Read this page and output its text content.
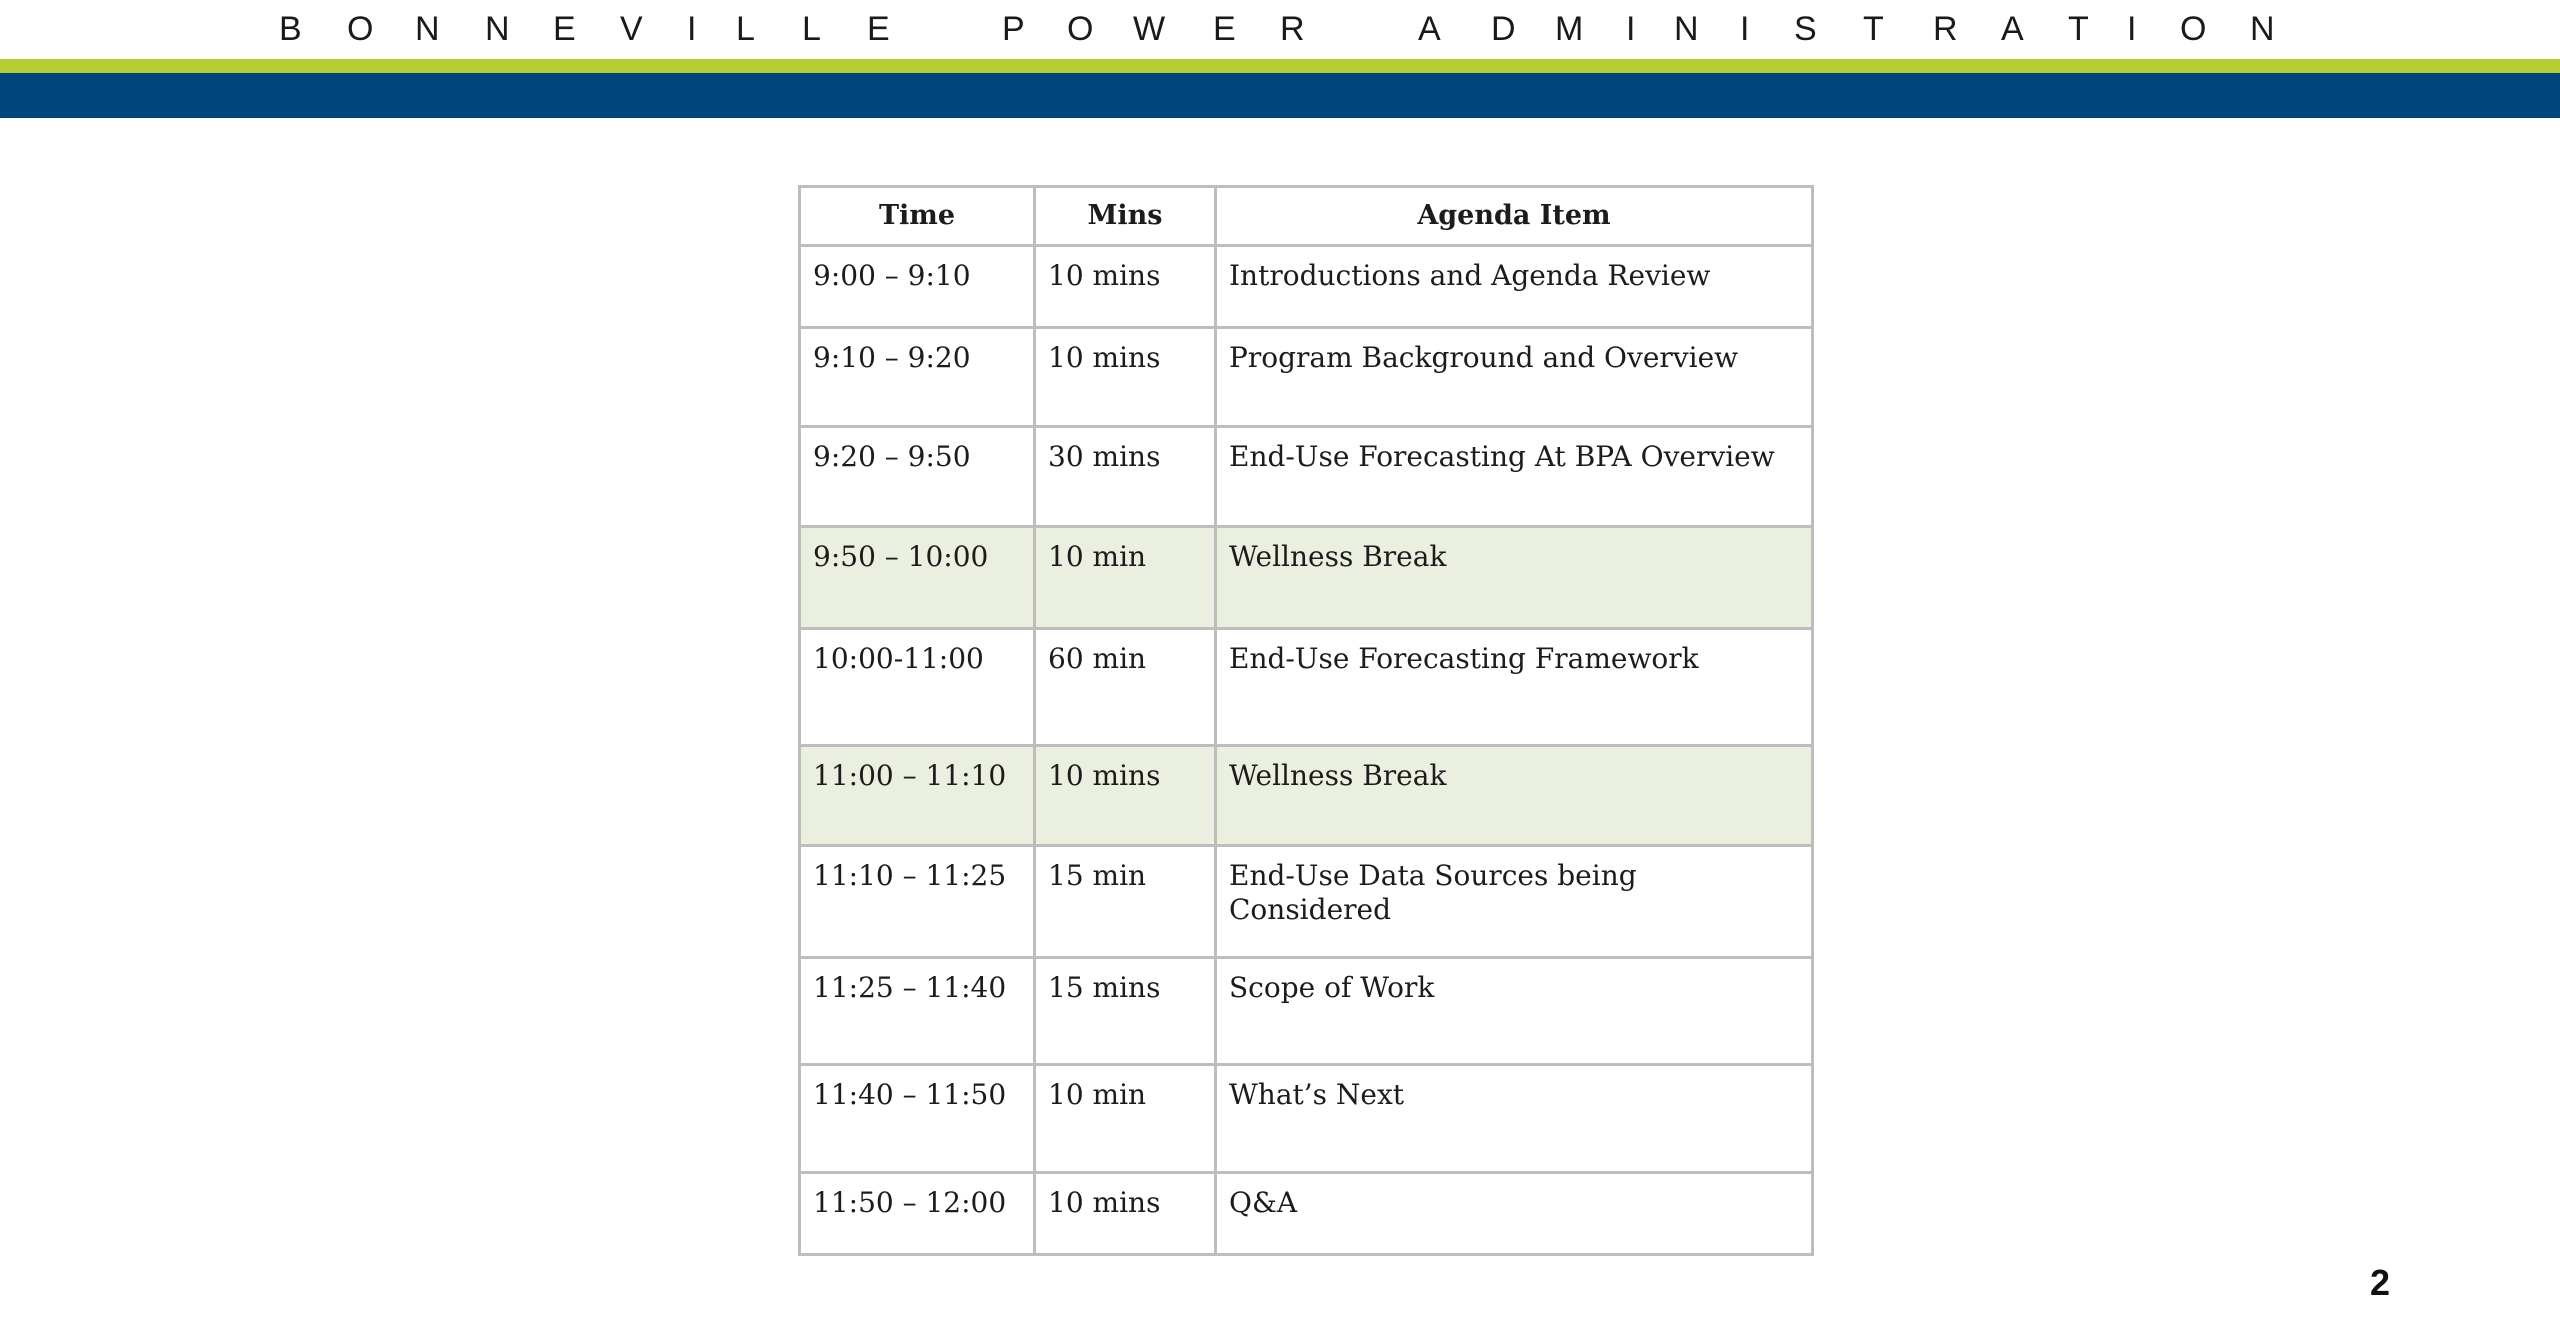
B O N N E V I L L E	P O W E R	A D M I N I S T R A T I O N
Time	Mins	Agenda Item
9:00 – 9:10	10 mins	Introductions and Agenda Review
9:10 – 9:20	10 mins	Program Background and Overview
9:20 – 9:50	30 mins	End-Use Forecasting At BPA Overview
9:50 – 10:00	10 min	Wellness Break
10:00-11:00	60 min	End-Use Forecasting Framework
11:00 – 11:10	10 mins	Wellness Break
11:10 – 11:25	15 min	End-Use Data Sources being Considered
11:25 – 11:40	15 mins	Scope of Work
11:40 – 11:50	10 min	What’s Next
11:50 – 12:00	10 mins	Q&A
2
